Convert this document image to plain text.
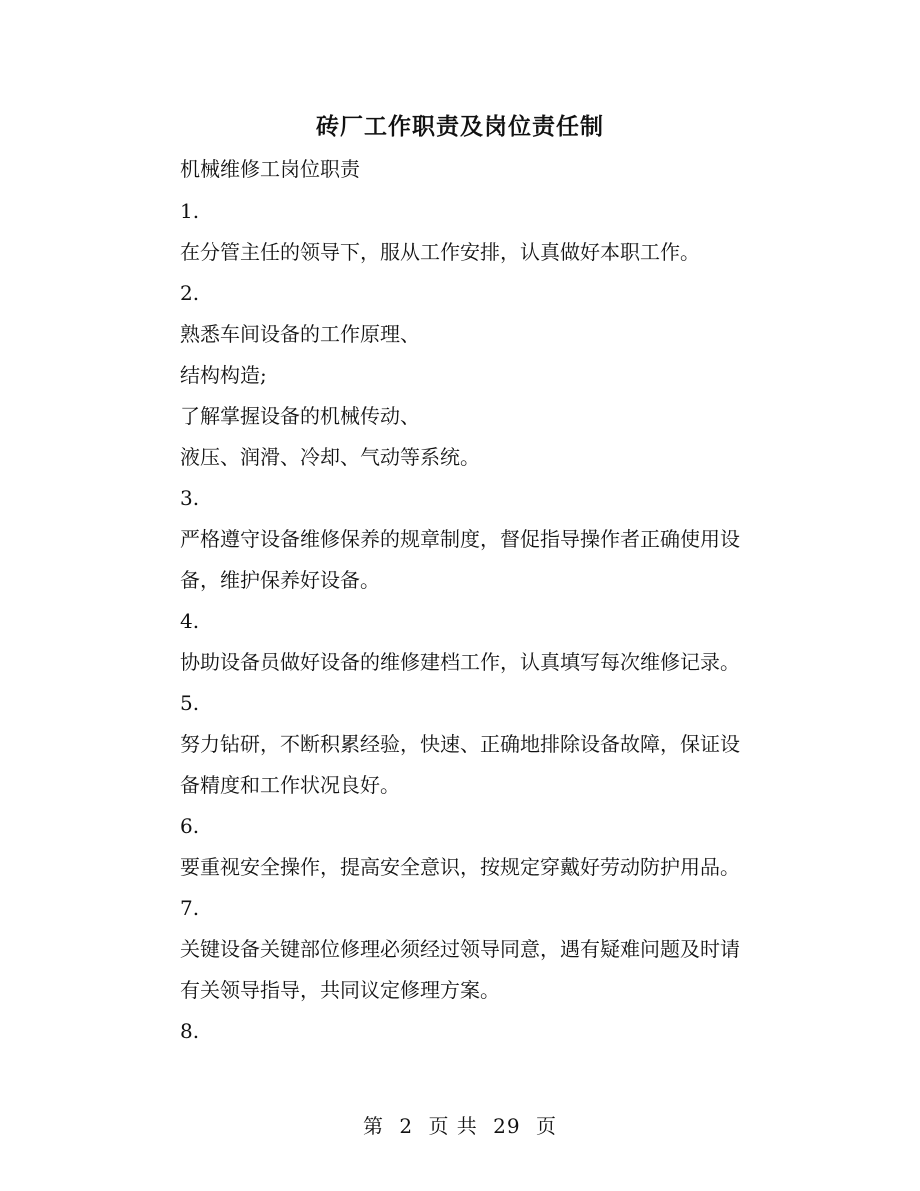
砖厂工作职责及岗位责任制
机械维修工岗位职责
1.
在分管主任的领导下，服从工作安排，认真做好本职工作。
2.
熟悉车间设备的工作原理、
结构构造;
了解掌握设备的机械传动、
液压、润滑、冷却、气动等系统。
3.
严格遵守设备维修保养的规章制度，督促指导操作者正确使用设
备，维护保养好设备。
4.
协助设备员做好设备的维修建档工作，认真填写每次维修记录。
5.
努力钻研，不断积累经验，快速、正确地排除设备故障，保证设
备精度和工作状况良好。
6.
要重视安全操作，提高安全意识，按规定穿戴好劳动防护用品。
7.
关键设备关键部位修理必须经过领导同意，遇有疑难问题及时请
有关领导指导，共同议定修理方案。
8.
第 2 页 共 29 页
